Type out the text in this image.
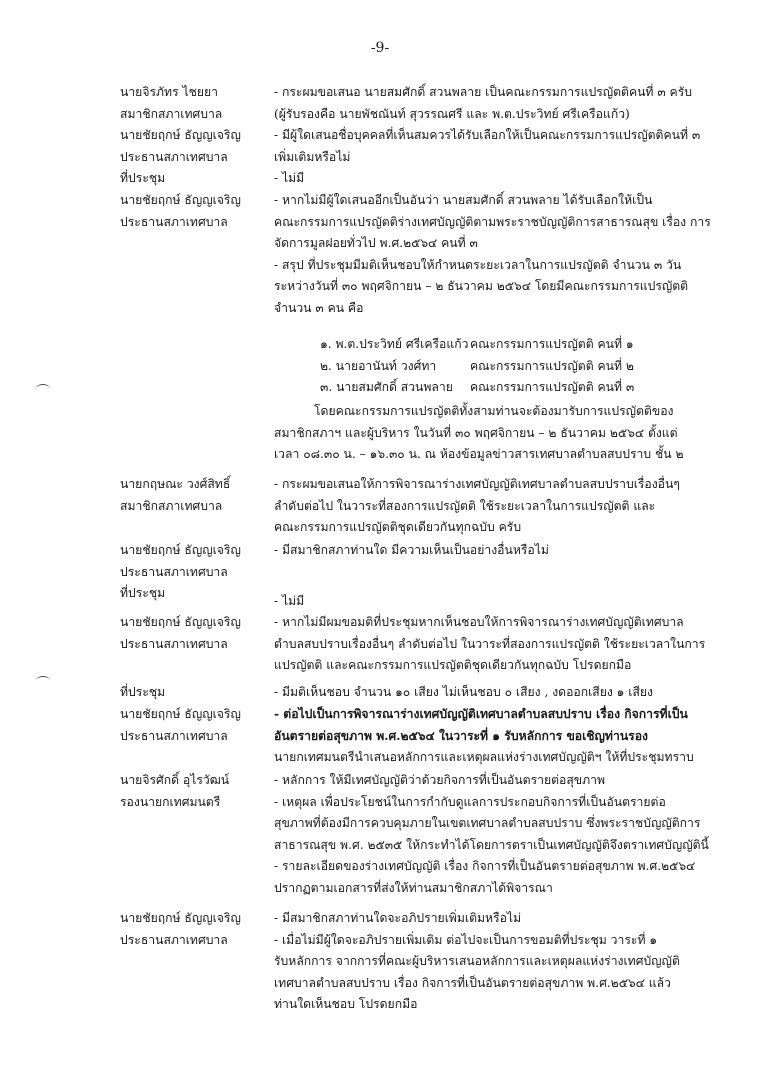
-9-
นายจิรภัทร ไชยยา
สมาชิกสภาเทศบาล
- กระผมขอเสนอ นายสมศักดิ์ สวนพลาย เป็นคณะกรรมการแปรญัตติคนที่ ๓ ครับ
(ผู้รับรองคือ นายพัชณันท์ สุวรรณศรี และ พ.ต.ประวิทย์ ศรีเครือแก้ว)
นายชัยฤกษ์ ธัญญเจริญ
ประธานสภาเทศบาล
- มีผู้ใดเสนอชื่อบุคคลที่เห็นสมควรได้รับเลือกให้เป็นคณะกรรมการแปรญัตติคนที่ ๓
เพิ่มเติมหรือไม่
ที่ประชุม	- ไม่มี
นายชัยฤกษ์ ธัญญเจริญ
ประธานสภาเทศบาล
- หากไม่มีผู้ใดเสนออีกเป็นอันว่า นายสมศักดิ์ สวนพลาย ได้รับเลือกให้เป็น
คณะกรรมการแปรญัตติร่างเทศบัญญัติตามพระราชบัญญัติการสาธารณสุข เรื่อง การ
จัดการมูลฝอยทั่วไป พ.ศ.๒๕๖๔ คนที่ ๓
- สรุป ที่ประชุมมีมติเห็นชอบให้กำหนดระยะเวลาในการแปรญัตติ จำนวน ๓ วัน
ระหว่างวันที่ ๓๐ พฤศจิกายน – ๒ ธันวาคม ๒๕๖๔ โดยมีคณะกรรมการแปรญัตติ
จำนวน ๓ คน คือ
๑. พ.ต.ประวิทย์ ศรีเครือแก้ว คณะกรรมการแปรญัตติ คนที่ ๑
๒. นายอานันท์ วงศ์ทา	คณะกรรมการแปรญัตติ คนที่ ๒
๓. นายสมศักดิ์ สวนพลาย	คณะกรรมการแปรญัตติ คนที่ ๓
โดยคณะกรรมการแปรญัตติทั้งสามท่านจะต้องมารับการแปรญัตติของ
สมาชิกสภาฯ และผู้บริหาร ในวันที่ ๓๐ พฤศจิกายน – ๒ ธันวาคม ๒๕๖๔ ตั้งแต่
เวลา ๐๘.๓๐ น. – ๑๖.๓๐ น. ณ ห้องข้อมูลข่าวสารเทศบาลตำบลสบปราบ ชั้น ๒
นายกฤษณะ วงศ์สิทธิ์
สมาชิกสภาเทศบาล
- กระผมขอเสนอให้การพิจารณาร่างเทศบัญญัติเทศบาลตำบลสบปราบเรื่องอื่นๆ
ลำดับต่อไป ในวาระที่สองการแปรญัตติ ใช้ระยะเวลาในการแปรญัตติ และ
คณะกรรมการแปรญัตติชุดเดียวกันทุกฉบับ ครับ
นายชัยฤกษ์ ธัญญเจริญ
ประธานสภาเทศบาล
- มีสมาชิกสภาท่านใด มีความเห็นเป็นอย่างอื่นหรือไม่
ที่ประชุม
- ไม่มี
นายชัยฤกษ์ ธัญญเจริญ
ประธานสภาเทศบาล
- หากไม่มีผมขอมติที่ประชุมหากเห็นชอบให้การพิจารณาร่างเทศบัญญัติเทศบาล
ตำบลสบปราบเรื่องอื่นๆ ลำดับต่อไป ในวาระที่สองการแปรญัตติ ใช้ระยะเวลาในการ
แปรญัตติ และคณะกรรมการแปรญัตติชุดเดียวกันทุกฉบับ โปรดยกมือ
ที่ประชุม	- มีมติเห็นชอบ จำนวน ๑๐ เสียง ไม่เห็นชอบ ๐ เสียง , งดออกเสียง ๑ เสียง
นายชัยฤกษ์ ธัญญเจริญ
ประธานสภาเทศบาล
- ต่อไปเป็นการพิจารณาร่างเทศบัญญัติเทศบาลตำบลสบปราบ เรื่อง กิจการที่เป็น
อันตรายต่อสุขภาพ พ.ศ.๒๕๖๔ ในวาระที่ ๑ รับหลักการ ขอเชิญท่านรอง
นายกเทศมนตรีนำเสนอหลักการและเหตุผลแห่งร่างเทศบัญญัติฯ ให้ที่ประชุมทราบ
นายจิรศักดิ์ อุไรวัฒน์
รองนายกเทศมนตรี
- หลักการ ให้มีเทศบัญญัติว่าด้วยกิจการที่เป็นอันตรายต่อสุขภาพ
- เหตุผล เพื่อประโยชน์ในการกำกับดูแลการประกอบกิจการที่เป็นอันตรายต่อ
สุขภาพที่ต้องมีการควบคุมภายในเขตเทศบาลตำบลสบปราบ ซึ่งพระราชบัญญัติการ
สาธารณสุข พ.ศ. ๒๕๓๕ ให้กระทำได้โดยการตราเป็นเทศบัญญัติจึงตราเทศบัญญัตินี้
- รายละเอียดของร่างเทศบัญญัติ เรื่อง กิจการที่เป็นอันตรายต่อสุขภาพ พ.ศ.๒๕๖๔
ปรากฏตามเอกสารที่ส่งให้ท่านสมาชิกสภาได้พิจารณา
นายชัยฤกษ์ ธัญญเจริญ
ประธานสภาเทศบาล
- มีสมาชิกสภาท่านใดจะอภิปรายเพิ่มเติมหรือไม่
- เมื่อไม่มีผู้ใดจะอภิปรายเพิ่มเติม ต่อไปจะเป็นการขอมติที่ประชุม วาระที่ ๑
รับหลักการ จากการที่คณะผู้บริหารเสนอหลักการและเหตุผลแห่งร่างเทศบัญญัติ
เทศบาลตำบลสบปราบ เรื่อง กิจการที่เป็นอันตรายต่อสุขภาพ พ.ศ.๒๕๖๔ แล้ว
ท่านใดเห็นชอบ โปรดยกมือ
